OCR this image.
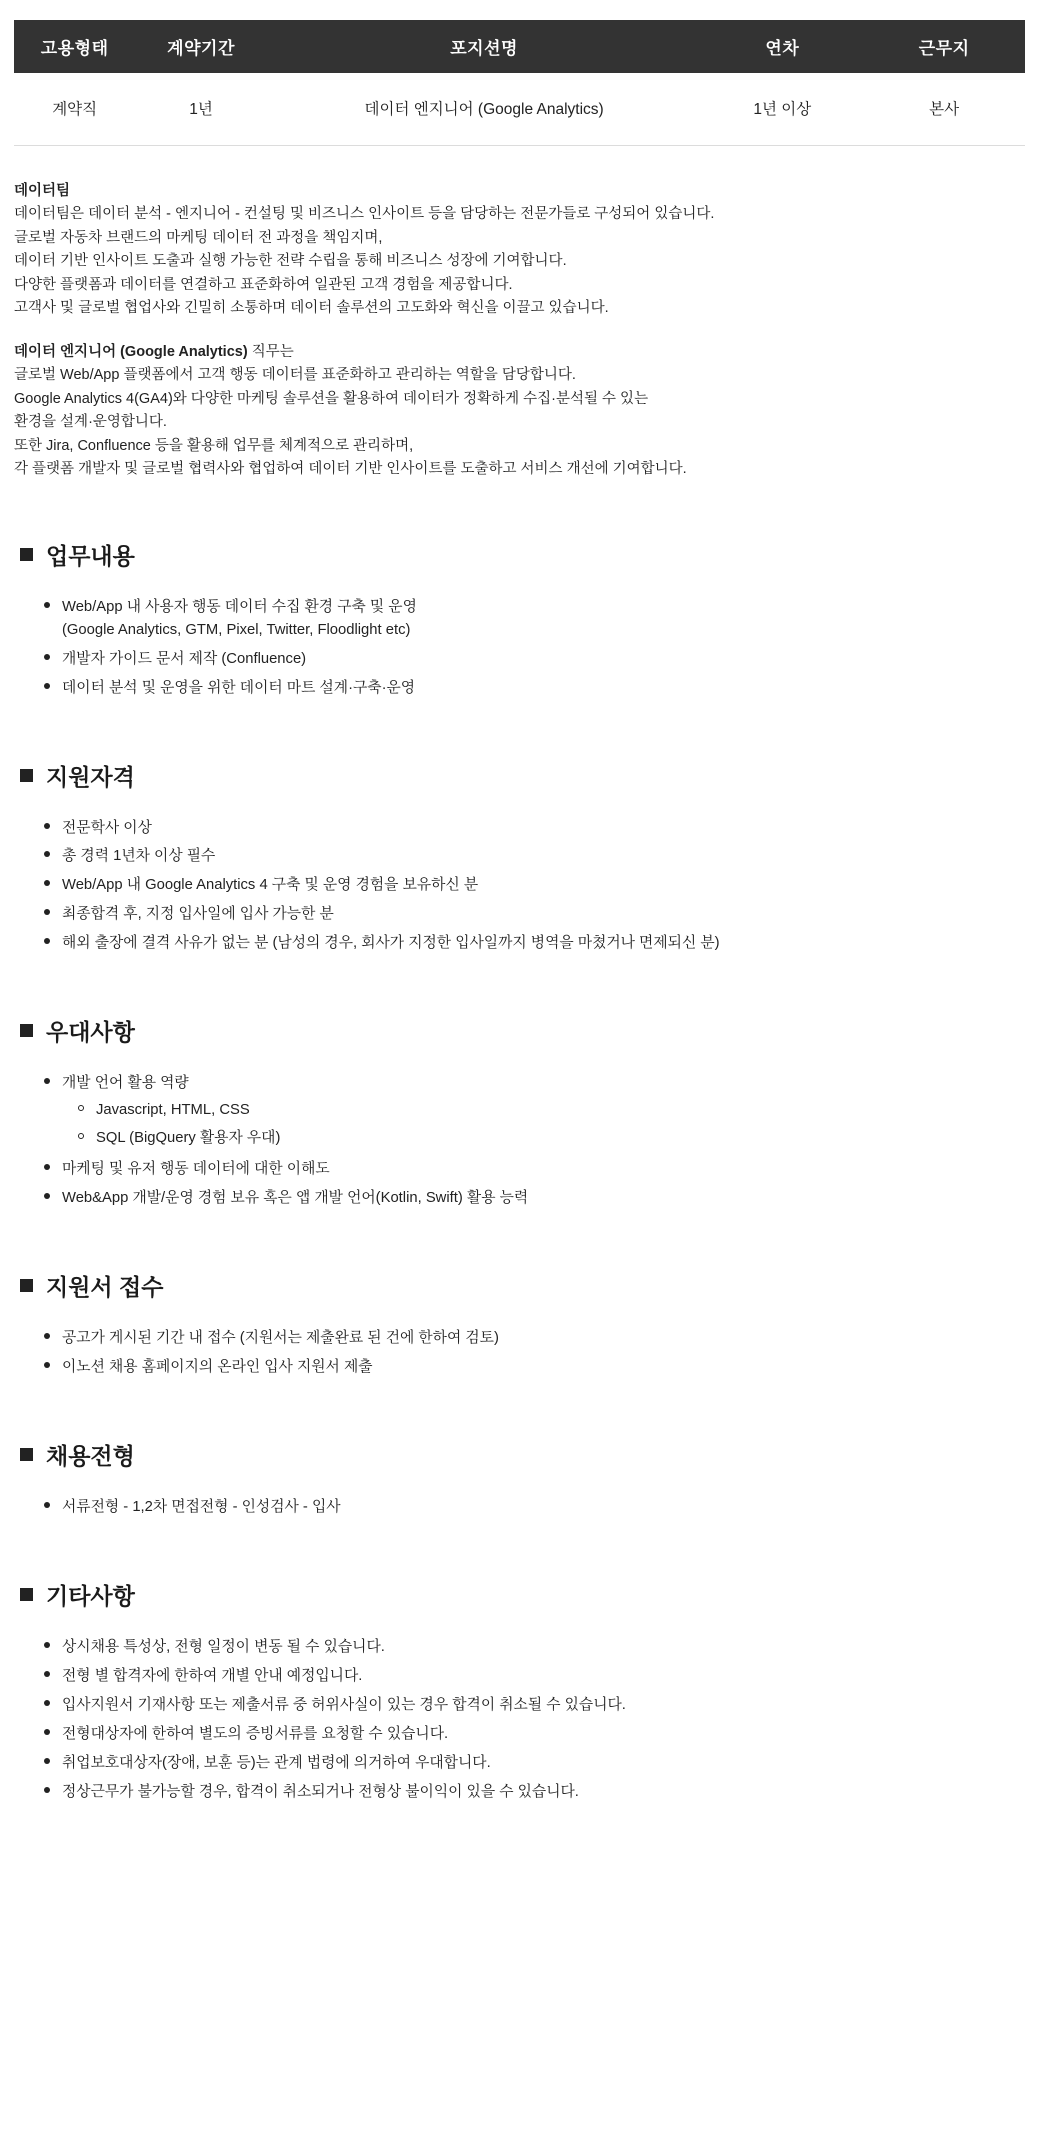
고용형태	계약기간	포지션명	연차	근무지
계약직	1년	데이터 엔지니어 (Google Analytics)	1년 이상	본사
데이터팀
데이터팀은 데이터 분석 - 엔지니어 - 컨설팅 및 비즈니스 인사이트 등을 담당하는 전문가들로 구성되어 있습니다.
글로벌 자동차 브랜드의 마케팅 데이터 전 과정을 책임지며,
데이터 기반 인사이트 도출과 실행 가능한 전략 수립을 통해 비즈니스 성장에 기여합니다.
다양한 플랫폼과 데이터를 연결하고 표준화하여 일관된 고객 경험을 제공합니다.
고객사 및 글로벌 협업사와 긴밀히 소통하며 데이터 솔루션의 고도화와 혁신을 이끌고 있습니다.
데이터 엔지니어 (Google Analytics) 직무는
글로벌 Web/App 플랫폼에서 고객 행동 데이터를 표준화하고 관리하는 역할을 담당합니다.
Google Analytics 4(GA4)와 다양한 마케팅 솔루션을 활용하여 데이터가 정확하게 수집·분석될 수 있는
환경을 설계·운영합니다.
또한 Jira, Confluence 등을 활용해 업무를 체계적으로 관리하며,
각 플랫폼 개발자 및 글로벌 협력사와 협업하여 데이터 기반 인사이트를 도출하고 서비스 개선에 기여합니다.
업무내용
Web/App 내 사용자 행동 데이터 수집 환경 구축 및 운영
(Google Analytics, GTM, Pixel, Twitter, Floodlight etc)
개발자 가이드 문서 제작 (Confluence)
데이터 분석 및 운영을 위한 데이터 마트 설계·구축·운영
지원자격
전문학사 이상
총 경력 1년차 이상 필수
Web/App 내 Google Analytics 4 구축 및 운영 경험을 보유하신 분
최종합격 후, 지정 입사일에 입사 가능한 분
해외 출장에 결격 사유가 없는 분 (남성의 경우, 회사가 지정한 입사일까지 병역을 마쳤거나 면제되신 분)
우대사항
개발 언어 활용 역량
Javascript, HTML, CSS
SQL (BigQuery 활용자 우대)
마케팅 및 유저 행동 데이터에 대한 이해도
Web&App 개발/운영 경험 보유 혹은 앱 개발 언어(Kotlin, Swift) 활용 능력
지원서 접수
공고가 게시된 기간 내 접수 (지원서는 제출완료 된 건에 한하여 검토)
이노션 채용 홈페이지의 온라인 입사 지원서 제출
채용전형
서류전형 - 1,2차 면접전형 - 인성검사 - 입사
기타사항
상시채용 특성상, 전형 일정이 변동 될 수 있습니다.
전형 별 합격자에 한하여 개별 안내 예정입니다.
입사지원서 기재사항 또는 제출서류 중 허위사실이 있는 경우 합격이 취소될 수 있습니다.
전형대상자에 한하여 별도의 증빙서류를 요청할 수 있습니다.
취업보호대상자(장애, 보훈 등)는 관계 법령에 의거하여 우대합니다.
정상근무가 불가능할 경우, 합격이 취소되거나 전형상 불이익이 있을 수 있습니다.
